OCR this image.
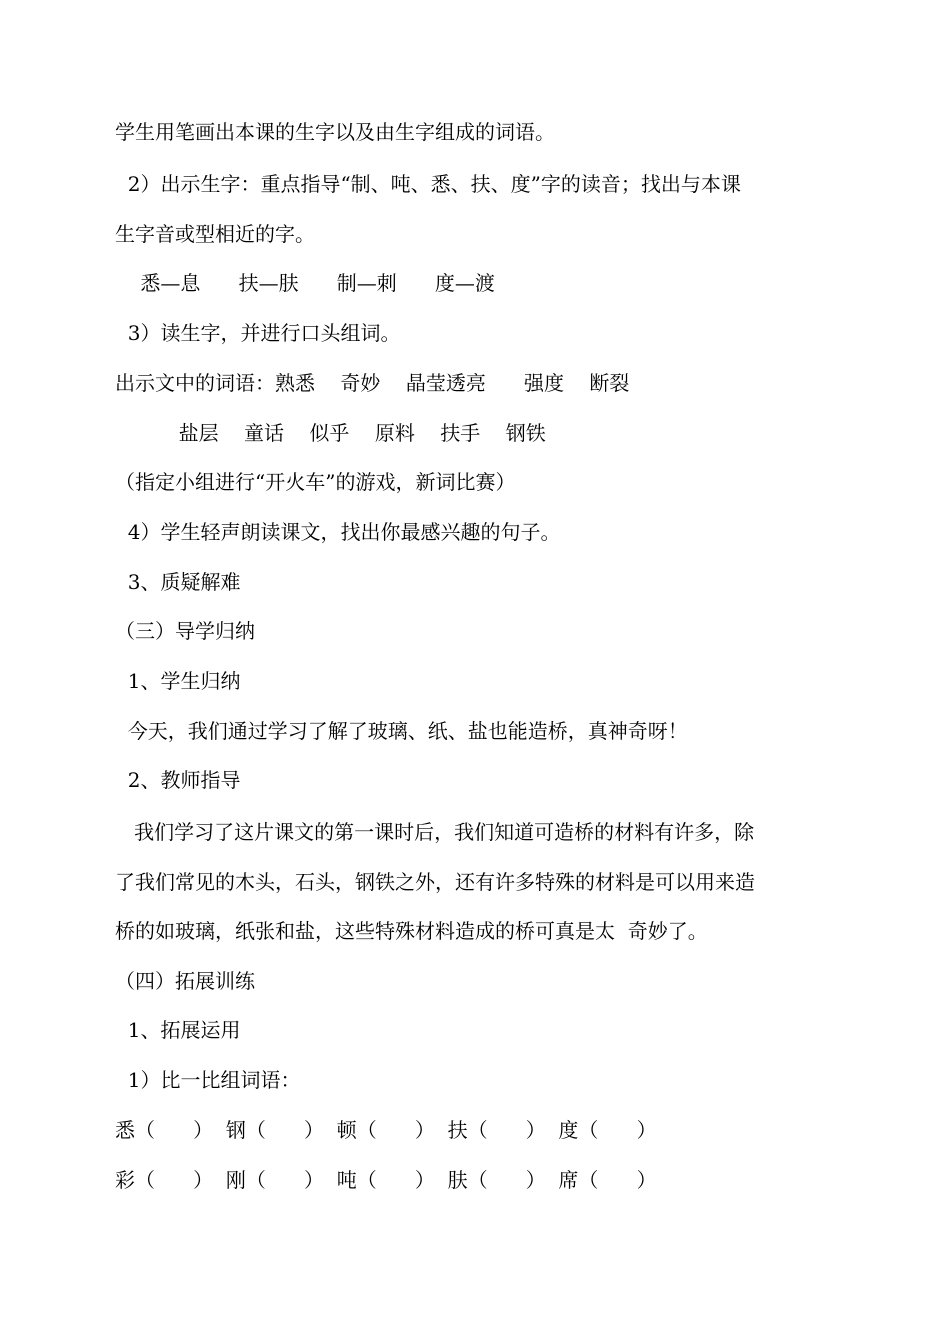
学生用笔画出本课的生字以及由生字组成的词语。
2）出示生字：重点指导“制、吨、悉、扶、度”字的读音；找出与本课
生字音或型相近的字。
悉—息      扶—肤      制—刺      度—渡
3）读生字，并进行口头组词。
出示文中的词语：熟悉    奇妙    晶莹透亮      强度    断裂
盐层    童话    似乎    原料    扶手    钢铁
（指定小组进行“开火车”的游戏，新词比赛）
4）学生轻声朗读课文，找出你最感兴趣的句子。
3、质疑解难
（三）导学归纳
1、学生归纳
今天，我们通过学习了解了玻璃、纸、盐也能造桥，真神奇呀！
2、教师指导
我们学习了这片课文的第一课时后，我们知道可造桥的材料有许多，除
了我们常见的木头，石头，钢铁之外，还有许多特殊的材料是可以用来造
桥的如玻璃，纸张和盐，这些特殊材料造成的桥可真是太  奇妙了。
（四）拓展训练
1、拓展运用
1）比一比组词语：
悉（      ）  钢（      ）  顿（      ）  扶（      ）  度（      ）
彩（      ）  刚（      ）  吨（      ）  肤（      ）  席（      ）
